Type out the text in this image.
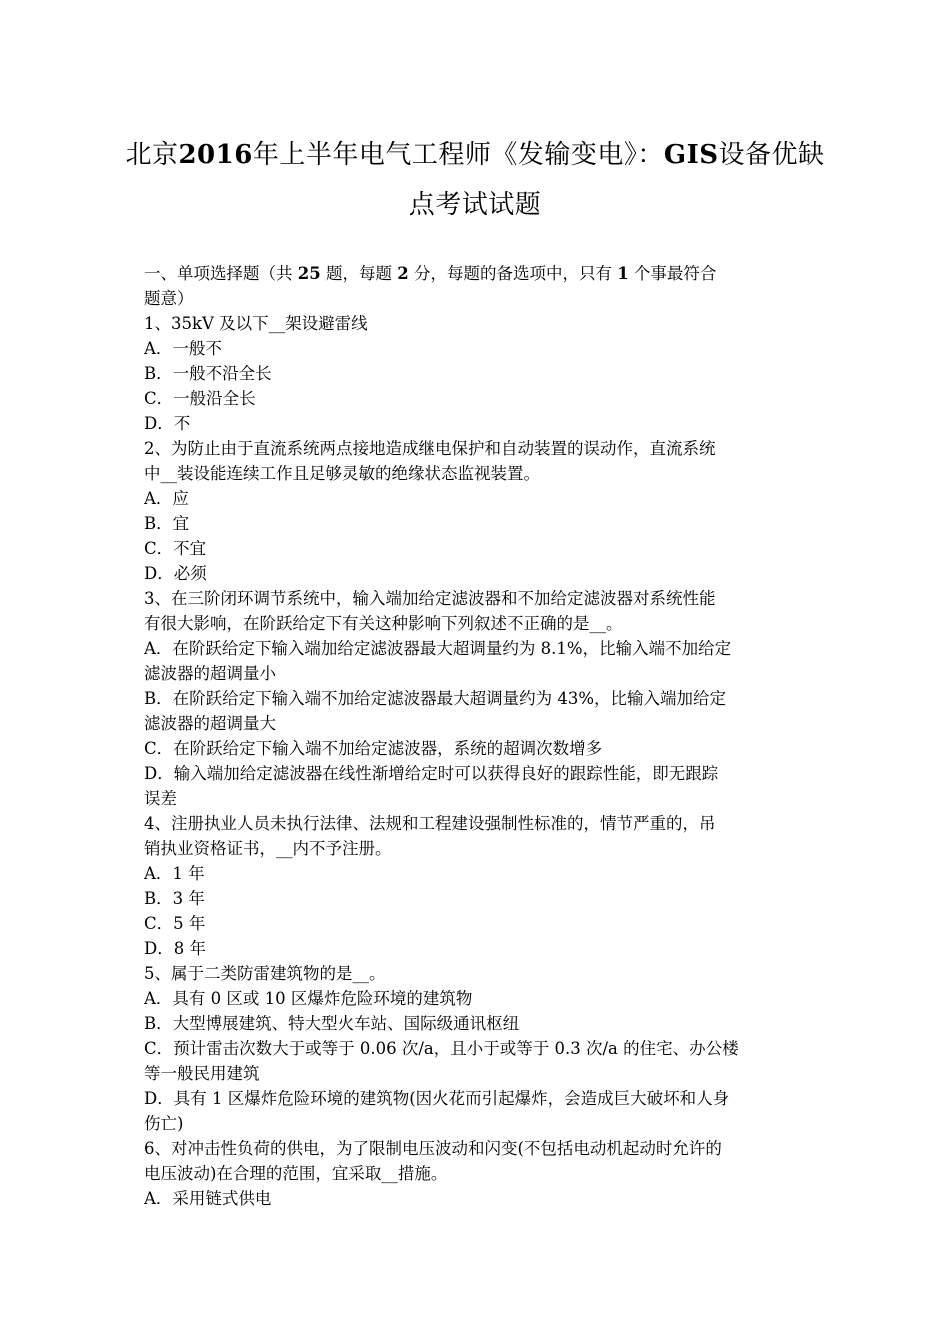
北京2016年上半年电气工程师《发输变电》：GIS设备优缺
点考试试题
一、单项选择题（共 25 题，每题 2 分，每题的备选项中，只有 1 个事最符合
题意）
1、35kV 及以下__架设避雷线
A．一般不
B．一般不沿全长
C．一般沿全长
D．不
2、为防止由于直流系统两点接地造成继电保护和自动装置的误动作，直流系统
中__装设能连续工作且足够灵敏的绝缘状态监视装置。
A．应
B．宜
C．不宜
D．必须
3、在三阶闭环调节系统中，输入端加给定滤波器和不加给定滤波器对系统性能
有很大影响，在阶跃给定下有关这种影响下列叙述不正确的是__。
A．在阶跃给定下输入端加给定滤波器最大超调量约为 8.1%，比输入端不加给定
滤波器的超调量小
B．在阶跃给定下输入端不加给定滤波器最大超调量约为 43%，比输入端加给定
滤波器的超调量大
C．在阶跃给定下输入端不加给定滤波器，系统的超调次数增多
D．输入端加给定滤波器在线性渐增给定时可以获得良好的跟踪性能，即无跟踪
误差
4、注册执业人员未执行法律、法规和工程建设强制性标准的，情节严重的，吊
销执业资格证书，__内不予注册。
A．1 年
B．3 年
C．5 年
D．8 年
5、属于二类防雷建筑物的是__。
A．具有 0 区或 10 区爆炸危险环境的建筑物
B．大型博展建筑、特大型火车站、国际级通讯枢纽
C．预计雷击次数大于或等于 0.06 次/a，且小于或等于 0.3 次/a 的住宅、办公楼
等一般民用建筑
D．具有 1 区爆炸危险环境的建筑物(因火花而引起爆炸，会造成巨大破坏和人身
伤亡)
6、对冲击性负荷的供电，为了限制电压波动和闪变(不包括电动机起动时允许的
电压波动)在合理的范围，宜采取__措施。
A．采用链式供电
